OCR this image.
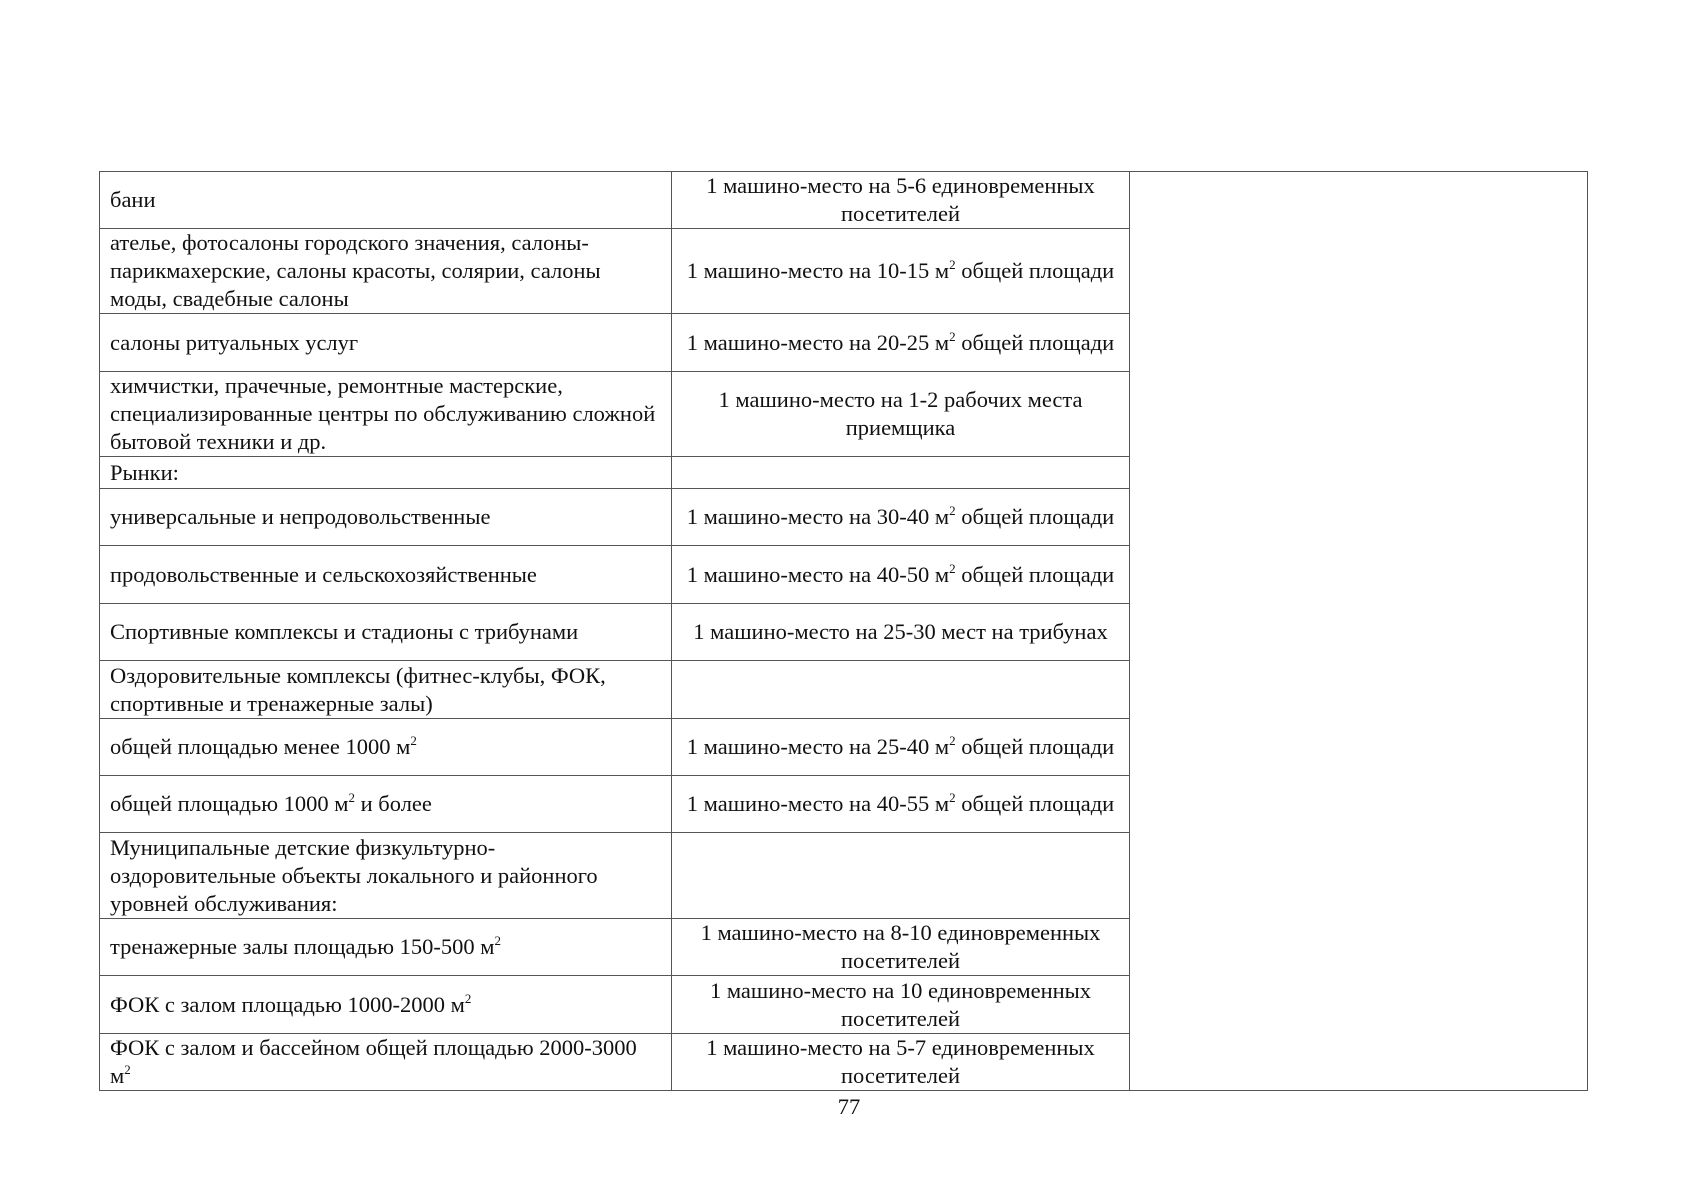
бани	1 машино-место на 5-6 единовременных посетителей	
ателье, фотосалоны городского значения, салоны-парикмахерские, салоны красоты, солярии, салоны моды, свадебные салоны	1 машино-место на 10-15 $м^2$ общей площади	
салоны ритуальных услуг	1 машино-место на 20-25 $м^2$ общей площади	
химчистки, прачечные, ремонтные мастерские, специализированные центры по обслуживанию сложной бытовой техники и др.	1 машино-место на 1-2 рабочих места приемщика	
Рынки:		
универсальные и непродовольственные	1 машино-место на 30-40 $м^2$ общей площади	
продовольственные и сельскохозяйственные	1 машино-место на 40-50 $м^2$ общей площади	
Спортивные комплексы и стадионы с трибунами	1 машино-место на 25-30 мест на трибунах	
Оздоровительные комплексы (фитнес-клубы, ФОК, спортивные и тренажерные залы)		
общей площадью менее 1000 $м^2$	1 машино-место на 25-40 $м^2$ общей площади	
общей площадью 1000 $м^2$ и более	1 машино-место на 40-55 $м^2$ общей площади	
Муниципальные детские физкультурно-оздоровительные объекты локального и районного уровней обслуживания:		
тренажерные залы площадью 150-500 $м^2$	1 машино-место на 8-10 единовременных посетителей	
ФОК с залом площадью 1000-2000 $м^2$	1 машино-место на 10 единовременных посетителей	
ФОК с залом и бассейном общей площадью 2000-3000 $м^2$	1 машино-место на 5-7 единовременных посетителей	
77
